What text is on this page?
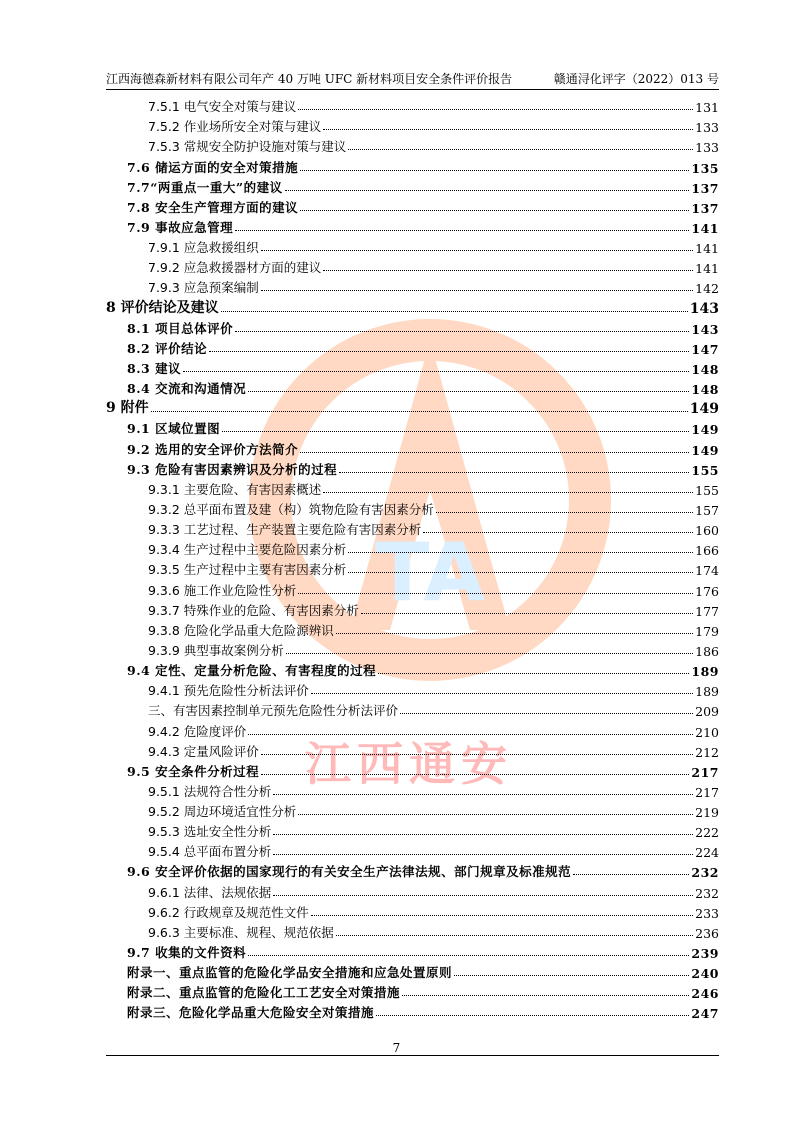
TA
江西通安
江西海德森新材料有限公司年产 40 万吨 UFC 新材料项目安全条件评价报告	赣通浔化评字（2022）013 号
7.5.1 电气安全对策与建议	131
7.5.2 作业场所安全对策与建议	133
7.5.3 常规安全防护设施对策与建议	133
7.6 储运方面的安全对策措施	135
7.7“两重点一重大”的建议	137
7.8 安全生产管理方面的建议	137
7.9 事故应急管理	141
7.9.1 应急救援组织	141
7.9.2 应急救援器材方面的建议	141
7.9.3 应急预案编制	142
8 评价结论及建议	143
8.1 项目总体评价	143
8.2 评价结论	147
8.3 建议	148
8.4 交流和沟通情况	148
9 附件	149
9.1 区域位置图	149
9.2 选用的安全评价方法简介	149
9.3 危险有害因素辨识及分析的过程	155
9.3.1 主要危险、有害因素概述	155
9.3.2 总平面布置及建（构）筑物危险有害因素分析	157
9.3.3 工艺过程、生产装置主要危险有害因素分析	160
9.3.4 生产过程中主要危险因素分析	166
9.3.5 生产过程中主要有害因素分析	174
9.3.6 施工作业危险性分析	176
9.3.7 特殊作业的危险、有害因素分析	177
9.3.8 危险化学品重大危险源辨识	179
9.3.9 典型事故案例分析	186
9.4 定性、定量分析危险、有害程度的过程	189
9.4.1 预先危险性分析法评价	189
三、有害因素控制单元预先危险性分析法评价	209
9.4.2 危险度评价	210
9.4.3 定量风险评价	212
9.5 安全条件分析过程	217
9.5.1 法规符合性分析	217
9.5.2 周边环境适宜性分析	219
9.5.3 选址安全性分析	222
9.5.4 总平面布置分析	224
9.6 安全评价依据的国家现行的有关安全生产法律法规、部门规章及标准规范	232
9.6.1 法律、法规依据	232
9.6.2 行政规章及规范性文件	233
9.6.3 主要标准、规程、规范依据	236
9.7 收集的文件资料	239
附录一、重点监管的危险化学品安全措施和应急处置原则	240
附录二、重点监管的危险化工工艺安全对策措施	246
附录三、危险化学品重大危险安全对策措施	247
7
